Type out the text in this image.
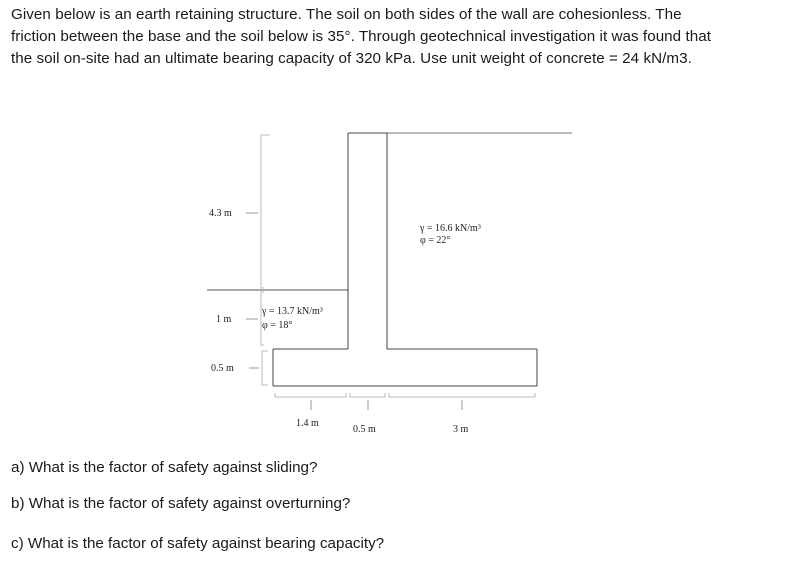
Given below is an earth retaining structure. The soil on both sides of the wall are cohesionless. The
friction between the base and the soil below is 35°. Through geotechnical investigation it was found that
the soil on-site had an ultimate bearing capacity of 320 kPa. Use unit weight of concrete = 24 kN/m3.

4.3 m
1 m
0.5 m
1.4 m
0.5 m	3 m
γ = 16.6 kN/m³
φ = 22°
γ = 13.7 kN/m³
φ = 18°

a) What is the factor of safety against sliding?

b) What is the factor of safety against overturning?

c) What is the factor of safety against bearing capacity?
